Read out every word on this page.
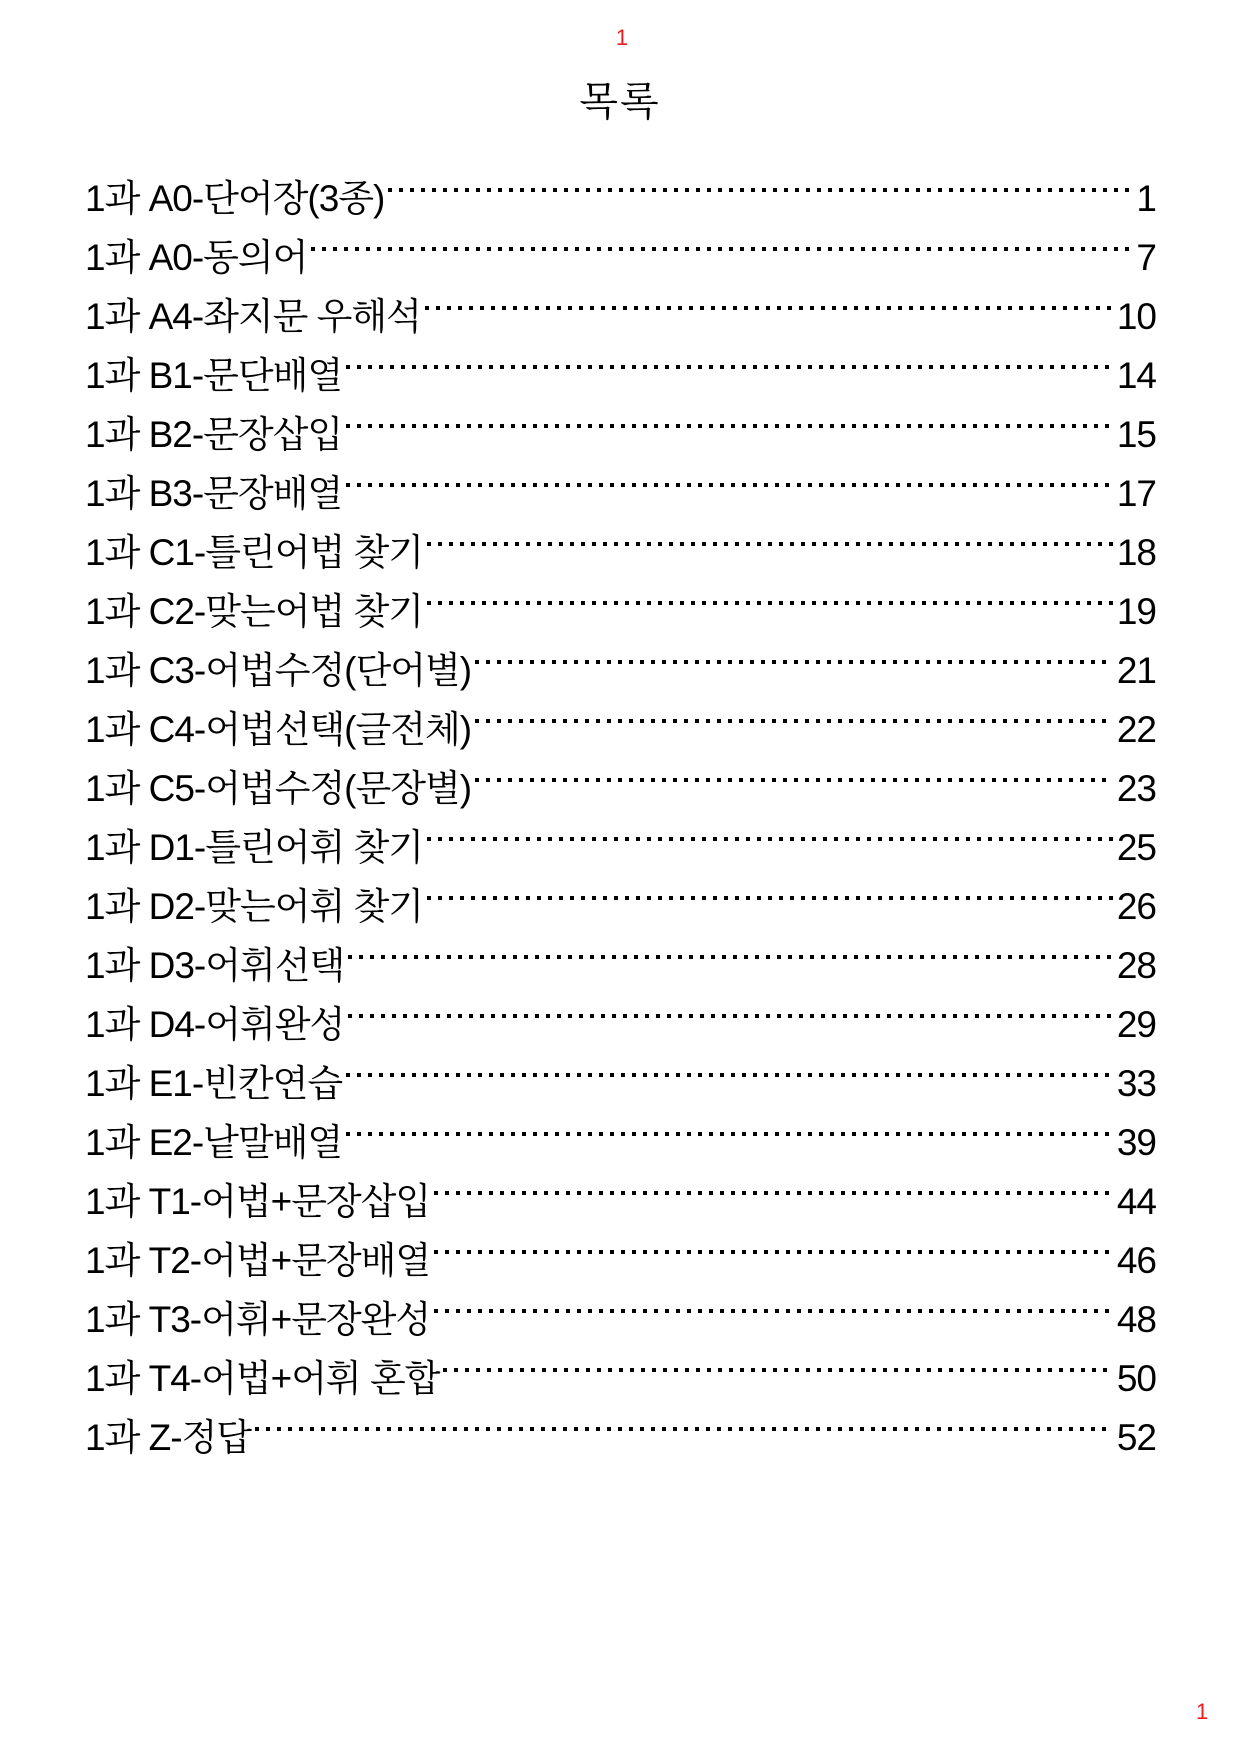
1
목록
1과 A0-단어장(3종)	1
1과 A0-동의어	7
1과 A4-좌지문 우해석	10
1과 B1-문단배열	14
1과 B2-문장삽입	15
1과 B3-문장배열	17
1과 C1-틀린어법 찾기	18
1과 C2-맞는어법 찾기	19
1과 C3-어법수정(단어별)	21
1과 C4-어법선택(글전체)	22
1과 C5-어법수정(문장별)	23
1과 D1-틀린어휘 찾기	25
1과 D2-맞는어휘 찾기	26
1과 D3-어휘선택	28
1과 D4-어휘완성	29
1과 E1-빈칸연습	33
1과 E2-낱말배열	39
1과 T1-어법+문장삽입	44
1과 T2-어법+문장배열	46
1과 T3-어휘+문장완성	48
1과 T4-어법+어휘 혼합	50
1과 Z-정답	52
1
